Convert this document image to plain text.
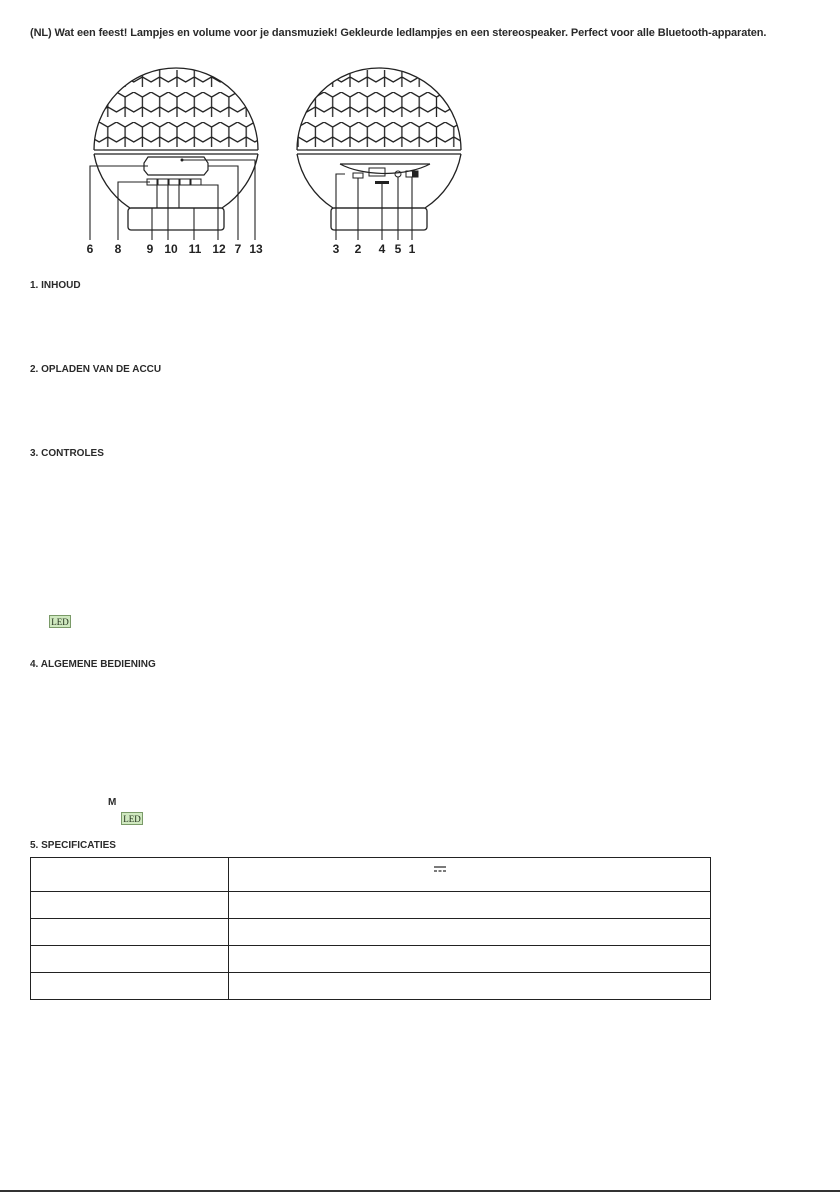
(NL) Wat een feest! Lampjes en volume voor je dansmuziek! Gekleurde ledlampjes en een stereospeaker. Perfect voor alle Bluetooth-apparaten.
6 8 9 10 11 12 7 13	3 2 4 5 1
1. INHOUD
2. OPLADEN VAN DE ACCU
3. CONTROLES
LED
4. ALGEMENE BEDIENING
M
LED
5. SPECIFICATIES
